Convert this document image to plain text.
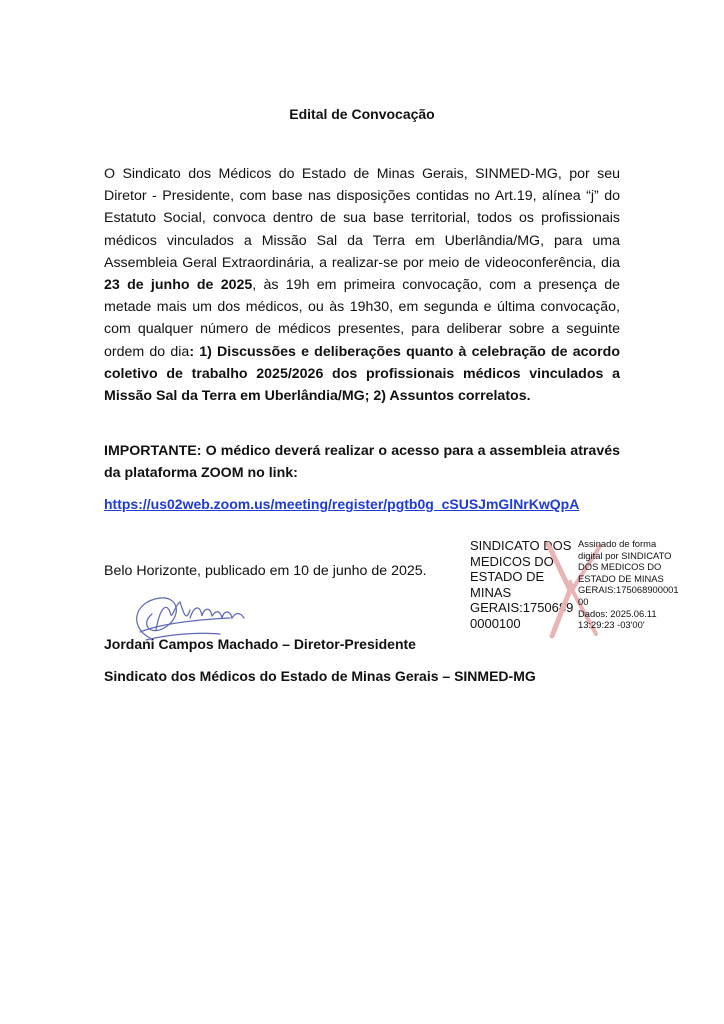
Edital de Convocação

O Sindicato dos Médicos do Estado de Minas Gerais, SINMED-MG, por seu Diretor - Presidente, com base nas disposições contidas no Art.19, alínea “j” do Estatuto Social, convoca dentro de sua base territorial, todos os profissionais médicos vinculados a Missão Sal da Terra em Uberlândia/MG, para uma Assembleia Geral Extraordinária, a realizar-se por meio de videoconferência, dia 23 de junho de 2025, às 19h em primeira convocação, com a presença de metade mais um dos médicos, ou às 19h30, em segunda e última convocação, com qualquer número de médicos presentes, para deliberar sobre a seguinte ordem do dia: 1) Discussões e deliberações quanto à celebração de acordo coletivo de trabalho 2025/2026 dos profissionais médicos vinculados a Missão Sal da Terra em Uberlândia/MG; 2) Assuntos correlatos.

IMPORTANTE: O médico deverá realizar o acesso para a assembleia através da plataforma ZOOM no link:

https://us02web.zoom.us/meeting/register/pgtb0g_cSUSJmGlNrKwQpA
Belo Horizonte, publicado em 10 de junho de 2025.
SINDICATO DOS
MEDICOS DO
ESTADO DE
MINAS
GERAIS:1750689
0000100
Assinado de forma
digital por SINDICATO
DOS MEDICOS DO
ESTADO DE MINAS
GERAIS:175068900001
00
Dados: 2025.06.11
13:29:23 -03'00'
Jordani Campos Machado – Diretor-Presidente
Sindicato dos Médicos do Estado de Minas Gerais – SINMED-MG
